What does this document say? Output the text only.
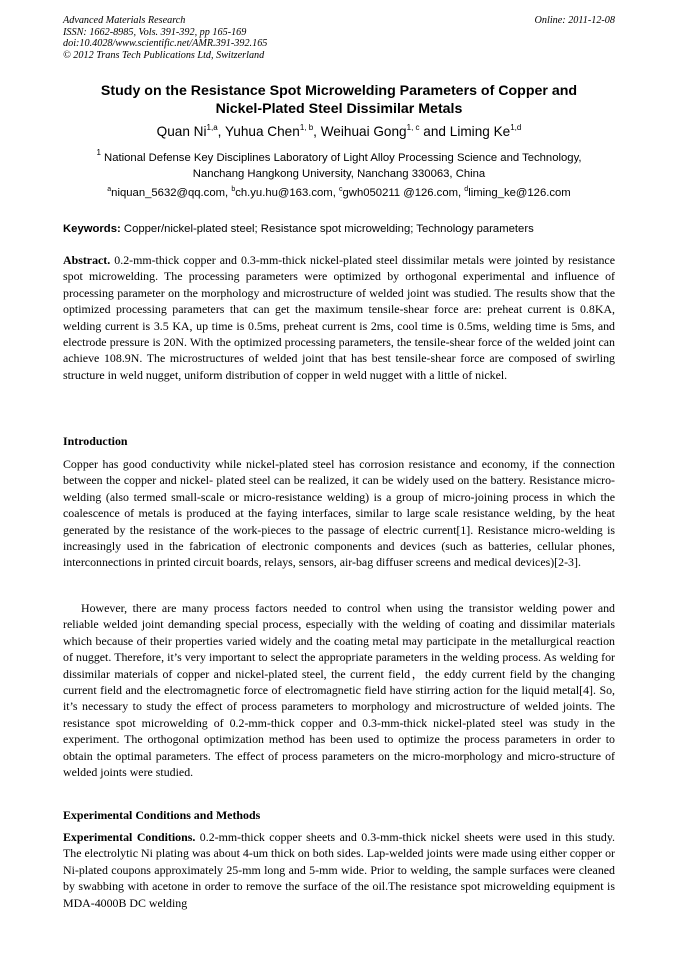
Advanced Materials Research
ISSN: 1662-8985, Vols. 391-392, pp 165-169
doi:10.4028/www.scientific.net/AMR.391-392.165
© 2012 Trans Tech Publications Ltd, Switzerland
Online: 2011-12-08
Study on the Resistance Spot Microwelding Parameters of Copper and
Nickel-Plated Steel Dissimilar Metals
Quan Ni$^{1,a}$, Yuhua Chen$^{1, b}$, Weihuai Gong$^{1, c}$ and Liming Ke$^{1,d}$
$^1$ National Defense Key Disciplines Laboratory of Light Alloy Processing Science and Technology,
Nanchang Hangkong University, Nanchang 330063, China
$^a$niquan_5632@qq.com, $^b$ch.yu.hu@163.com, $^c$gwh050211 @126.com, $^d$liming_ke@126.com
Keywords: Copper/nickel-plated steel; Resistance spot microwelding; Technology parameters
Abstract. 0.2-mm-thick copper and 0.3-mm-thick nickel-plated steel dissimilar metals were jointed by resistance spot microwelding. The processing parameters were optimized by orthogonal experimental and influence of processing parameter on the morphology and microstructure of welded joint was studied. The results show that the optimized processing parameters that can get the maximum tensile-shear force are: preheat current is 0.8KA, welding current is 3.5 KA, up time is 0.5ms, preheat current is 2ms, cool time is 0.5ms, welding time is 5ms, and electrode pressure is 20N. With the optimized processing parameters, the tensile-shear force of the welded joint can achieve 108.9N. The microstructures of welded joint that has best tensile-shear force are composed of swirling structure in weld nugget, uniform distribution of copper in weld nugget with a little of nickel.
Introduction
Copper has good conductivity while nickel-plated steel has corrosion resistance and economy, if the connection between the copper and nickel- plated steel can be realized, it can be widely used on the battery. Resistance micro-welding (also termed small-scale or micro-resistance welding) is a group of micro-joining process in which the coalescence of metals is produced at the faying interfaces, similar to large scale resistance welding, by the heat generated by the resistance of the work-pieces to the passage of electric current[1]. Resistance micro-welding is increasingly used in the fabrication of electronic components and devices (such as batteries, cellular phones, interconnections in printed circuit boards, relays, sensors, air-bag diffuser screens and medical devices)[2-3].
However, there are many process factors needed to control when using the transistor welding power and reliable welded joint demanding special process, especially with the welding of coating and dissimilar materials which because of their properties varied widely and the coating metal may participate in the metallurgical reaction of nugget. Therefore, it’s very important to select the appropriate parameters in the welding process. As welding for dissimilar materials of copper and nickel-plated steel, the current field，the eddy current field by the changing current field and the electromagnetic force of electromagnetic field have stirring action for the liquid metal[4]. So, it’s necessary to study the effect of process parameters to morphology and microstructure of welded joints. The resistance spot microwelding of 0.2-mm-thick copper and 0.3-mm-thick nickel-plated steel was study in the experiment. The orthogonal optimization method has been used to optimize the process parameters in order to obtain the optimal parameters. The effect of process parameters on the micro-morphology and micro-structure of welded joints were studied.
Experimental Conditions and Methods
Experimental Conditions. 0.2-mm-thick copper sheets and 0.3-mm-thick nickel sheets were used in this study. The electrolytic Ni plating was about 4-um thick on both sides. Lap-welded joints were made using either copper or Ni-plated coupons approximately 25-mm long and 5-mm wide. Prior to welding, the sample surfaces were cleaned by swabbing with acetone in order to remove the surface of the oil.The resistance spot microwelding equipment is MDA-4000B DC welding
